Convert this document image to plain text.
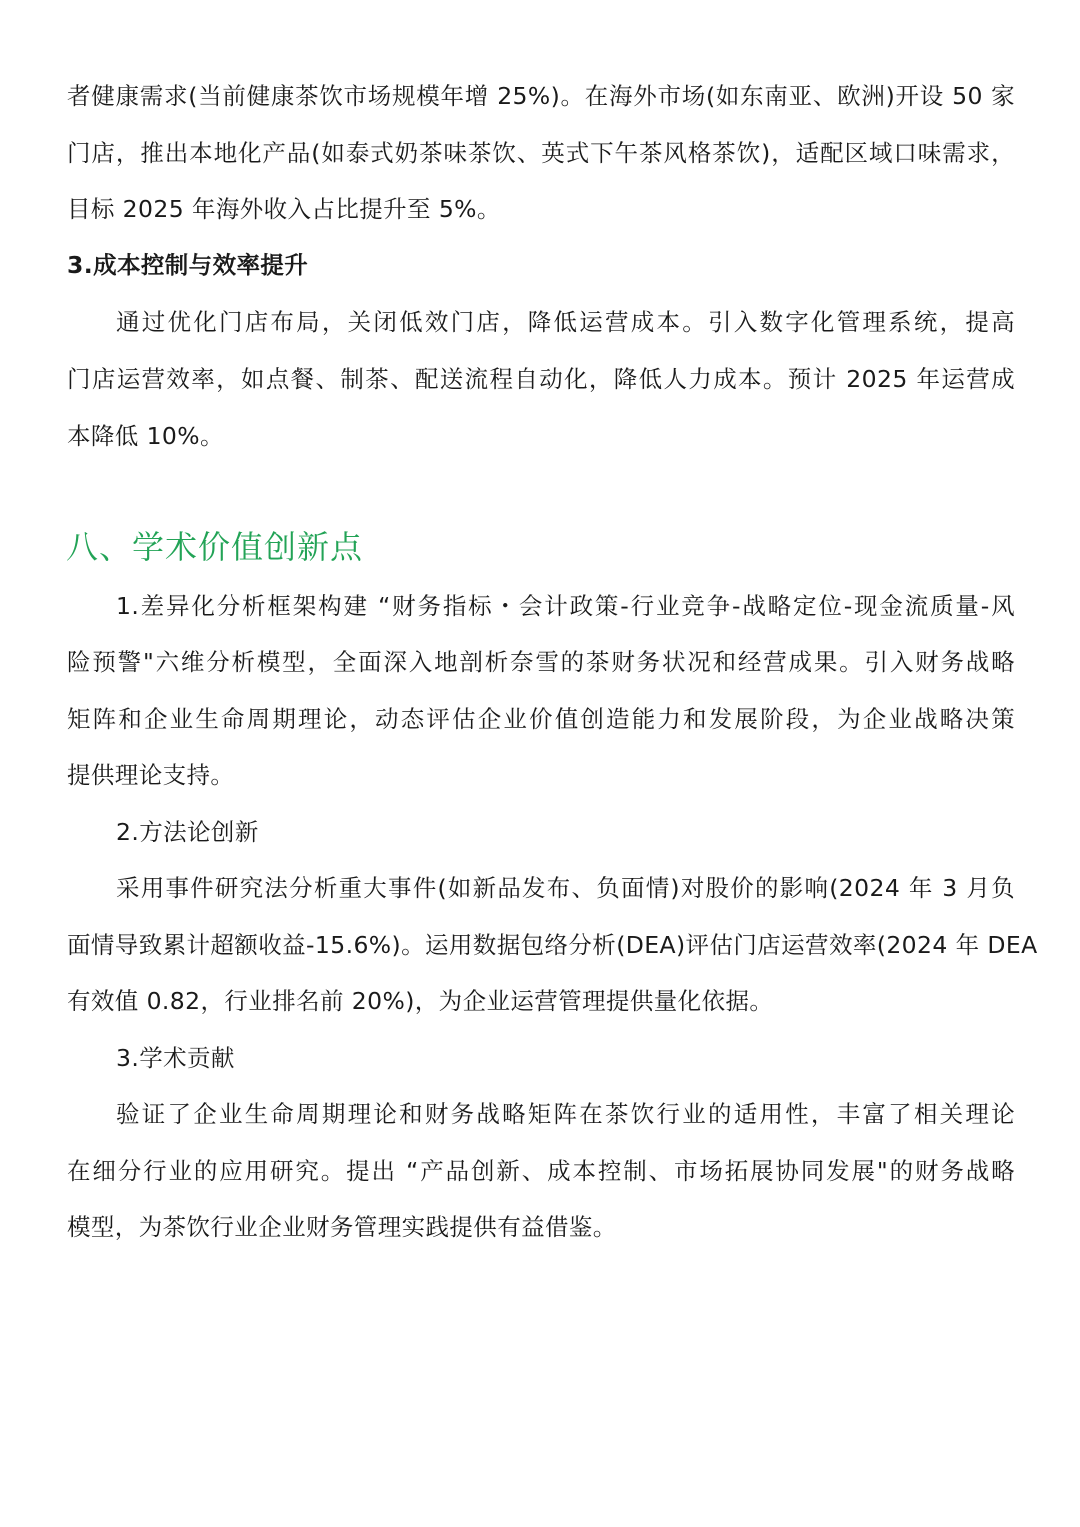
者健康需求(当前健康茶饮市场规模年增 25%)。在海外市场(如东南亚、欧洲)开设 50 家
门店，推出本地化产品(如泰式奶茶味茶饮、英式下午茶风格茶饮)，适配区域口味需求，
目标 2025 年海外收入占比提升至 5%。
3.成本控制与效率提升
通过优化门店布局，关闭低效门店，降低运营成本。引入数字化管理系统，提高
门店运营效率，如点餐、制茶、配送流程自动化，降低人力成本。预计 2025 年运营成
本降低 10%。
八、学术价值创新点
1.差异化分析框架构建 “财务指标・会计政策-行业竞争-战略定位-现金流质量-风
险预警"六维分析模型，全面深入地剖析奈雪的茶财务状况和经营成果。引入财务战略
矩阵和企业生命周期理论，动态评估企业价值创造能力和发展阶段，为企业战略决策
提供理论支持。
2.方法论创新
采用事件研究法分析重大事件(如新品发布、负面情)对股价的影响(2024 年 3 月负
面情导致累计超额收益-15.6%)。运用数据包络分析(DEA)评估门店运营效率(2024 年 DEA
有效值 0.82，行业排名前 20%)，为企业运营管理提供量化依据。
3.学术贡献
验证了企业生命周期理论和财务战略矩阵在茶饮行业的适用性，丰富了相关理论
在细分行业的应用研究。提出 “产品创新、成本控制、市场拓展协同发展"的财务战略
模型，为茶饮行业企业财务管理实践提供有益借鉴。
